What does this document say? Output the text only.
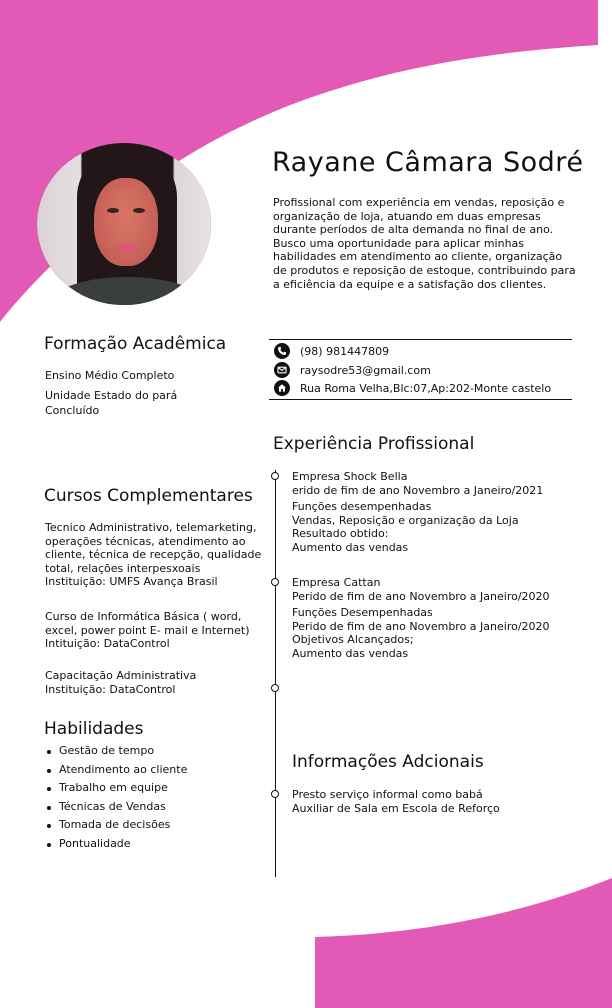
Rayane Câmara Sodré
Profissional com experiência em vendas, reposição e organização de loja, atuando em duas empresas durante períodos de alta demanda no final de ano. Busco uma oportunidade para aplicar minhas habilidades em atendimento ao cliente, organização de produtos e reposição de estoque, contribuindo para a eficiência da equipe e a satisfação dos clientes.
(98) 981447809
raysodre53@gmail.com
Rua Roma Velha,Blc:07,Ap:202-Monte castelo
Formação Acadêmica
Ensino Médio Completo
Unidade Estado do pará
Concluído
Cursos Complementares
Tecnico Administrativo, telemarketing,
operações técnicas, atendimento ao
cliente, técnica de recepção, qualidade
total, relações interpesxoais
Instituição: UMFS Avança Brasil
Curso de Informática Básica ( word,
excel, power point E- mail e Internet)
Intituição: DataControl
Capacitação Administrativa
Instituição: DataControl
Habilidades
Gestão de tempo
Atendimento ao cliente
Trabalho em equipe
Técnicas de Vendas
Tomada de decisões
Pontualidade
Experiência Profissional
Empresa Shock Bella
erido de fim de ano Novembro a Janeiro/2021
Funções desempenhadas
Vendas, Reposição e organização da Loja
Resultado obtido:
Aumento das vendas
Empresa Cattan
Perido de fim de ano Novembro a Janeiro/2020
Funções Desempenhadas
Perido de fim de ano Novembro a Janeiro/2020
Objetivos Alcançados;
Aumento das vendas
Informações Adcionais
Presto serviço informal como babá
Auxiliar de Sala em Escola de Reforço
